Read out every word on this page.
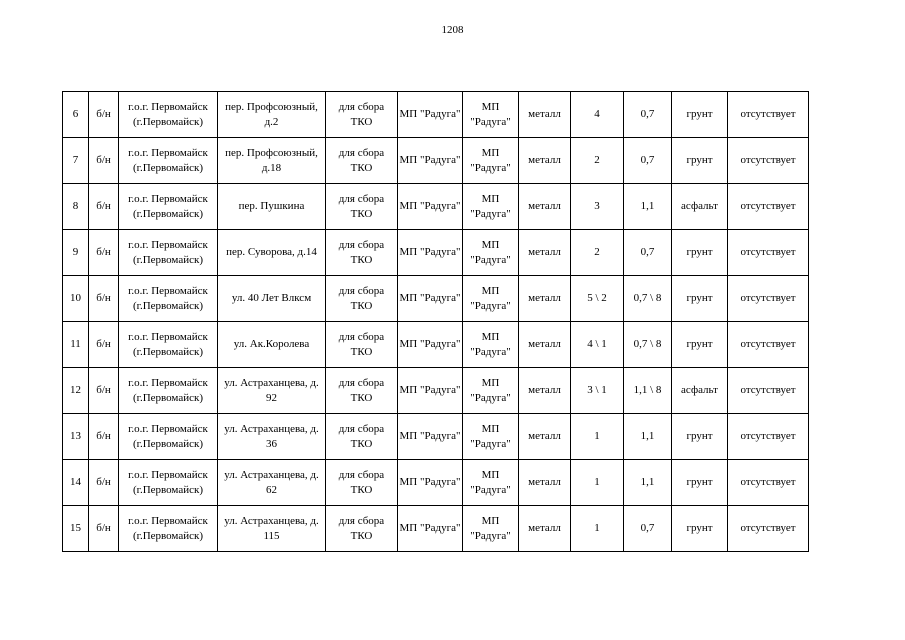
1208
6	б/н	г.о.г. Первомайск (г.Первомайск)	пер. Профсоюзный, д.2	для сбора ТКО	МП "Радуга"	МП "Радуга"	металл	4	0,7	грунт	отсутствует
7	б/н	г.о.г. Первомайск (г.Первомайск)	пер. Профсоюзный, д.18	для сбора ТКО	МП "Радуга"	МП "Радуга"	металл	2	0,7	грунт	отсутствует
8	б/н	г.о.г. Первомайск (г.Первомайск)	пер. Пушкина	для сбора ТКО	МП "Радуга"	МП "Радуга"	металл	3	1,1	асфальт	отсутствует
9	б/н	г.о.г. Первомайск (г.Первомайск)	пер. Суворова, д.14	для сбора ТКО	МП "Радуга"	МП "Радуга"	металл	2	0,7	грунт	отсутствует
10	б/н	г.о.г. Первомайск (г.Первомайск)	ул. 40 Лет Влксм	для сбора ТКО	МП "Радуга"	МП "Радуга"	металл	5 \ 2	0,7 \ 8	грунт	отсутствует
11	б/н	г.о.г. Первомайск (г.Первомайск)	ул. Ак.Королева	для сбора ТКО	МП "Радуга"	МП "Радуга"	металл	4 \ 1	0,7 \ 8	грунт	отсутствует
12	б/н	г.о.г. Первомайск (г.Первомайск)	ул. Астраханцева, д. 92	для сбора ТКО	МП "Радуга"	МП "Радуга"	металл	3 \ 1	1,1 \ 8	асфальт	отсутствует
13	б/н	г.о.г. Первомайск (г.Первомайск)	ул. Астраханцева, д. 36	для сбора ТКО	МП "Радуга"	МП "Радуга"	металл	1	1,1	грунт	отсутствует
14	б/н	г.о.г. Первомайск (г.Первомайск)	ул. Астраханцева, д. 62	для сбора ТКО	МП "Радуга"	МП "Радуга"	металл	1	1,1	грунт	отсутствует
15	б/н	г.о.г. Первомайск (г.Первомайск)	ул. Астраханцева, д. 115	для сбора ТКО	МП "Радуга"	МП "Радуга"	металл	1	0,7	грунт	отсутствует
